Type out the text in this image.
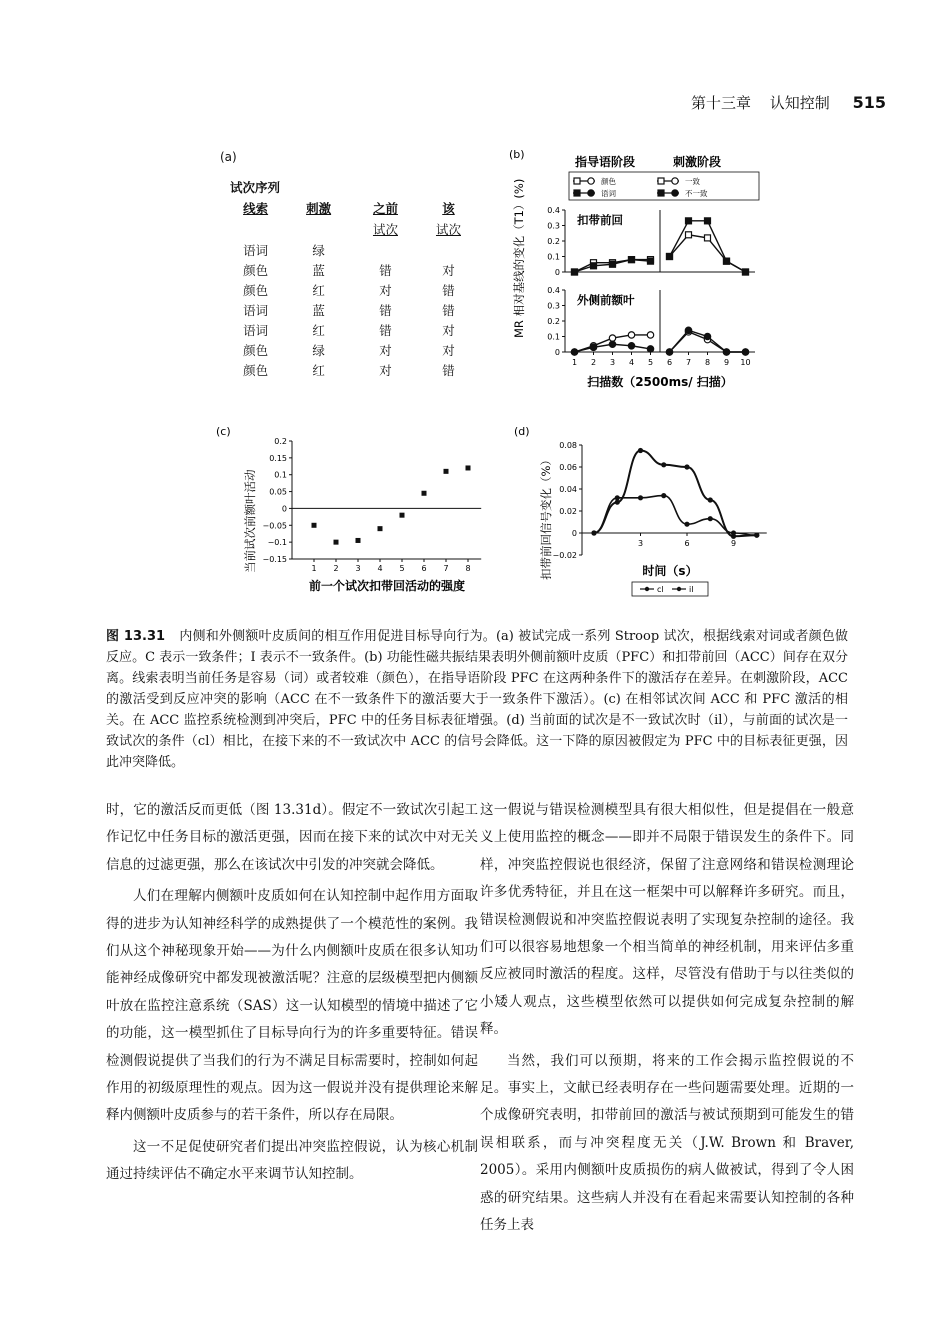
第十三章 认知控制 515
(a)
试次序列
线索	刺激	之前	该
		试次	试次
语词	绿		
颜色	蓝	错	对
颜色	红	对	错
语词	蓝	错	错
语词	红	错	对
颜色	绿	对	对
颜色	红	对	错
(b)
指导语阶段	刺激阶段
颜色	一致
语词	不一致
MR 相对基线的变化（T1）(%)	0
0.1
0.2
0.3
0.4
扣带前回
0
0.1
0.2
0.3
0.4
外侧前额叶
1 2 3 4 5 6 7 8 9 10
扫描数（2500ms/ 扫描）
(c)
当前试次前额叶活动
0.2
0.15
0.1
0.05
0
−0.05
−0.1
−0.15
1 2 3 4 5 6 7 8
前一个试次扣带回活动的强度
(d)
扣带前回信号变化（%）
0.08
0.06
0.04
0.02
0
−0.02
3	6	9
时间（s）
cl	il
图 13.31 内侧和外侧额叶皮质间的相互作用促进目标导向行为。(a) 被试完成一系列 Stroop 试次，根据线索对词或者颜色做反应。C 表示一致条件；I 表示不一致条件。(b) 功能性磁共振结果表明外侧前额叶皮质（PFC）和扣带前回（ACC）间存在双分离。线索表明当前任务是容易（词）或者较难（颜色），在指导语阶段 PFC 在这两种条件下的激活存在差异。在刺激阶段，ACC 的激活受到反应冲突的影响（ACC 在不一致条件下的激活要大于一致条件下激活）。(c) 在相邻试次间 ACC 和 PFC 激活的相关。在 ACC 监控系统检测到冲突后，PFC 中的任务目标表征增强。(d) 当前面的试次是不一致试次时（il），与前面的试次是一致试次的条件（cl）相比，在接下来的不一致试次中 ACC 的信号会降低。这一下降的原因被假定为 PFC 中的目标表征更强，因此冲突降低。

时，它的激活反而更低（图 13.31d）。假定不一致试次引起工作记忆中任务目标的激活更强，因而在接下来的试次中对无关信息的过滤更强，那么在该试次中引发的冲突就会降低。

人们在理解内侧额叶皮质如何在认知控制中起作用方面取得的进步为认知神经科学的成熟提供了一个模范性的案例。我们从这个神秘现象开始——为什么内侧额叶皮质在很多认知功能神经成像研究中都发现被激活呢？注意的层级模型把内侧额叶放在监控注意系统（SAS）这一认知模型的情境中描述了它的功能，这一模型抓住了目标导向行为的许多重要特征。错误检测假说提供了当我们的行为不满足目标需要时，控制如何起作用的初级原理性的观点。因为这一假说并没有提供理论来解释内侧额叶皮质参与的若干条件，所以存在局限。

这一不足促使研究者们提出冲突监控假说，认为核心机制通过持续评估不确定水平来调节认知控制。

这一假说与错误检测模型具有很大相似性，但是提倡在一般意义上使用监控的概念——即并不局限于错误发生的条件下。同样，冲突监控假说也很经济，保留了注意网络和错误检测理论许多优秀特征，并且在这一框架中可以解释许多研究。而且，错误检测假说和冲突监控假说表明了实现复杂控制的途径。我们可以很容易地想象一个相当简单的神经机制，用来评估多重反应被同时激活的程度。这样，尽管没有借助于与以往类似的小矮人观点，这些模型依然可以提供如何完成复杂控制的解释。

当然，我们可以预期，将来的工作会揭示监控假说的不足。事实上，文献已经表明存在一些问题需要处理。近期的一个成像研究表明，扣带前回的激活与被试预期到可能发生的错误相联系，而与冲突程度无关（J.W. Brown 和 Braver, 2005）。采用内侧额叶皮质损伤的病人做被试，得到了令人困惑的研究结果。这些病人并没有在看起来需要认知控制的各种任务上表
